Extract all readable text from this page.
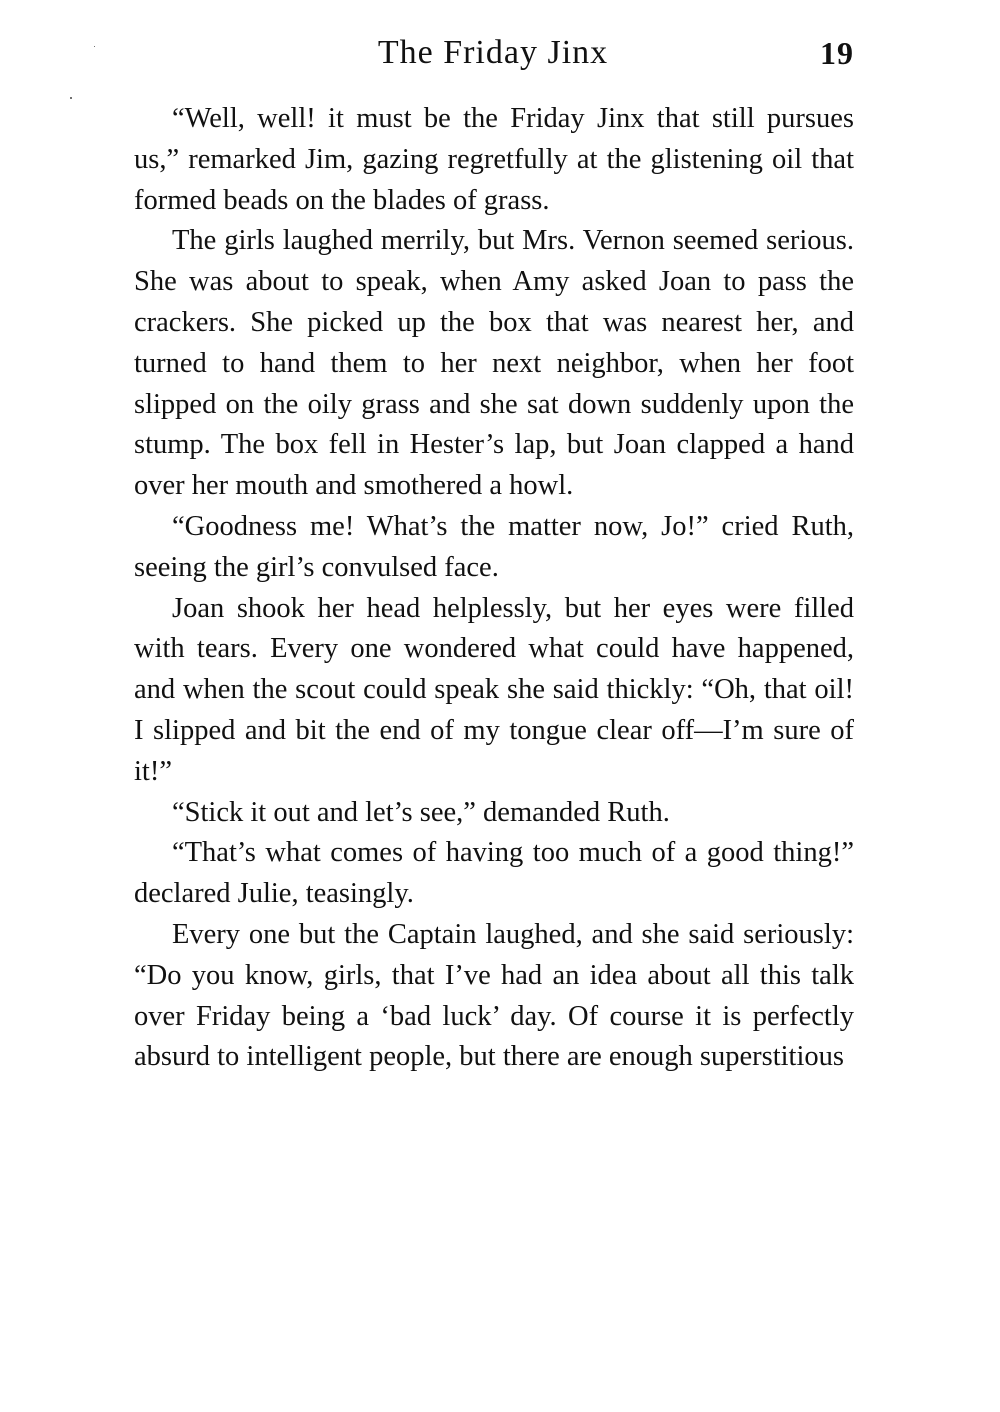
The Friday Jinx	19

“Well, well! it must be the Friday Jinx that still pursues us,” remarked Jim, gazing regretfully at the glistening oil that formed beads on the blades of grass.

The girls laughed merrily, but Mrs. Vernon seemed serious. She was about to speak, when Amy asked Joan to pass the crackers. She picked up the box that was nearest her, and turned to hand them to her next neighbor, when her foot slipped on the oily grass and she sat down suddenly upon the stump. The box fell in Hester’s lap, but Joan clapped a hand over her mouth and smothered a howl.

“Goodness me! What’s the matter now, Jo!” cried Ruth, seeing the girl’s convulsed face.

Joan shook her head helplessly, but her eyes were filled with tears. Every one wondered what could have happened, and when the scout could speak she said thickly: “Oh, that oil! I slipped and bit the end of my tongue clear off—I’m sure of it!”

“Stick it out and let’s see,” demanded Ruth.

“That’s what comes of having too much of a good thing!” declared Julie, teasingly.

Every one but the Captain laughed, and she said seriously: “Do you know, girls, that I’ve had an idea about all this talk over Friday being a ‘bad luck’ day. Of course it is perfectly absurd to intelligent people, but there are enough superstitious
